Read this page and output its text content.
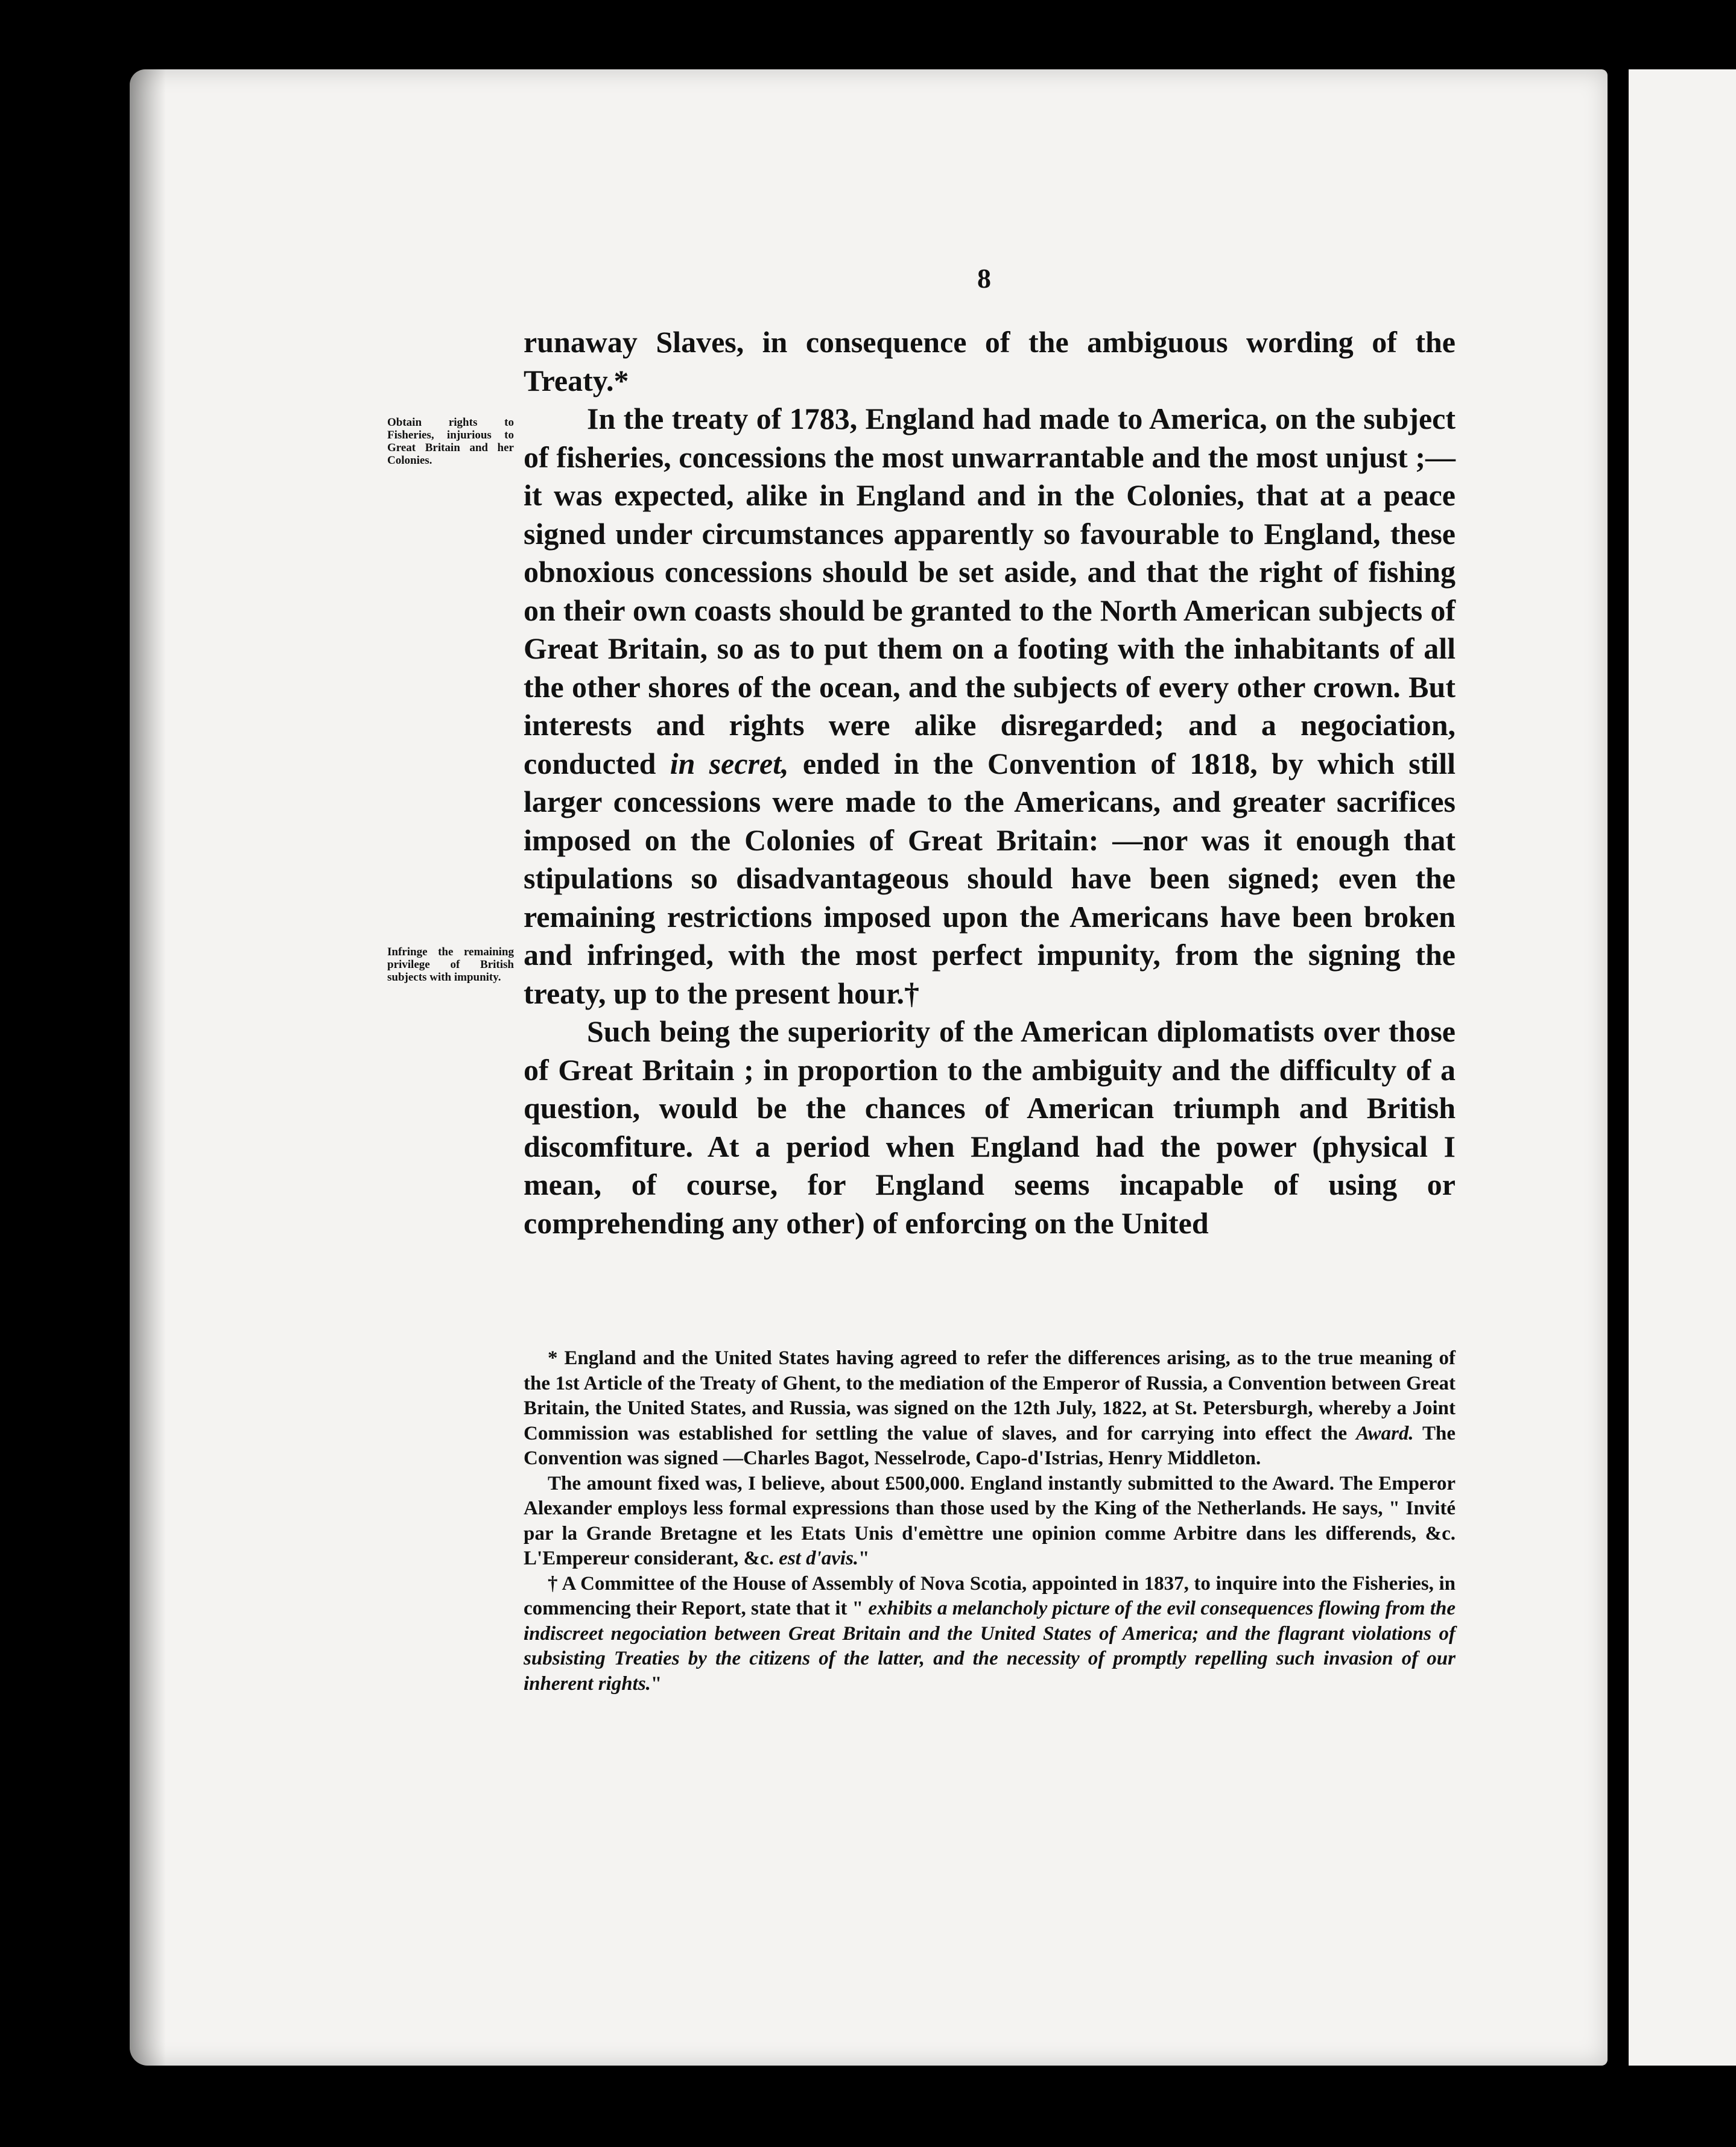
8

runaway Slaves, in consequence of the ambiguous wording of the Treaty.*

In the treaty of 1783, England had made to America, on the subject of fisheries, concessions the most unwarrantable and the most unjust ;—it was expected, alike in England and in the Colonies, that at a peace signed under circumstances apparently so favourable to England, these obnoxious concessions should be set aside, and that the right of fishing on their own coasts should be granted to the North American subjects of Great Britain, so as to put them on a footing with the inhabitants of all the other shores of the ocean, and the subjects of every other crown. But interests and rights were alike disregarded; and a negociation, conducted in secret, ended in the Convention of 1818, by which still larger concessions were made to the Americans, and greater sacrifices imposed on the Colonies of Great Britain: —nor was it enough that stipulations so disadvantageous should have been signed; even the remaining restrictions imposed upon the Americans have been broken and infringed, with the most perfect impunity, from the signing the treaty, up to the present hour.†

Such being the superiority of the American diplomatists over those of Great Britain ; in proportion to the ambiguity and the difficulty of a question, would be the chances of American triumph and British discomfiture. At a period when England had the power (physical I mean, of course, for England seems incapable of using or comprehending any other) of enforcing on the United

Obtain rights to Fisheries, injurious to Great Britain and her Colonies.
Infringe the remaining privilege of British subjects with impunity.

* England and the United States having agreed to refer the differences arising, as to the true meaning of the 1st Article of the Treaty of Ghent, to the mediation of the Emperor of Russia, a Convention between Great Britain, the United States, and Russia, was signed on the 12th July, 1822, at St. Petersburgh, whereby a Joint Commission was established for settling the value of slaves, and for carrying into effect the Award. The Convention was signed —Charles Bagot, Nesselrode, Capo-d'Istrias, Henry Middleton.

The amount fixed was, I believe, about £500,000. England instantly submitted to the Award. The Emperor Alexander employs less formal expressions than those used by the King of the Netherlands. He says, " Invité par la Grande Bretagne et les Etats Unis d'emèttre une opinion comme Arbitre dans les differends, &c. L'Empereur considerant, &c. est d'avis."

† A Committee of the House of Assembly of Nova Scotia, appointed in 1837, to inquire into the Fisheries, in commencing their Report, state that it " exhibits a melancholy picture of the evil consequences flowing from the indiscreet negociation between Great Britain and the United States of America; and the flagrant violations of subsisting Treaties by the citizens of the latter, and the necessity of promptly repelling such invasion of our inherent rights."
